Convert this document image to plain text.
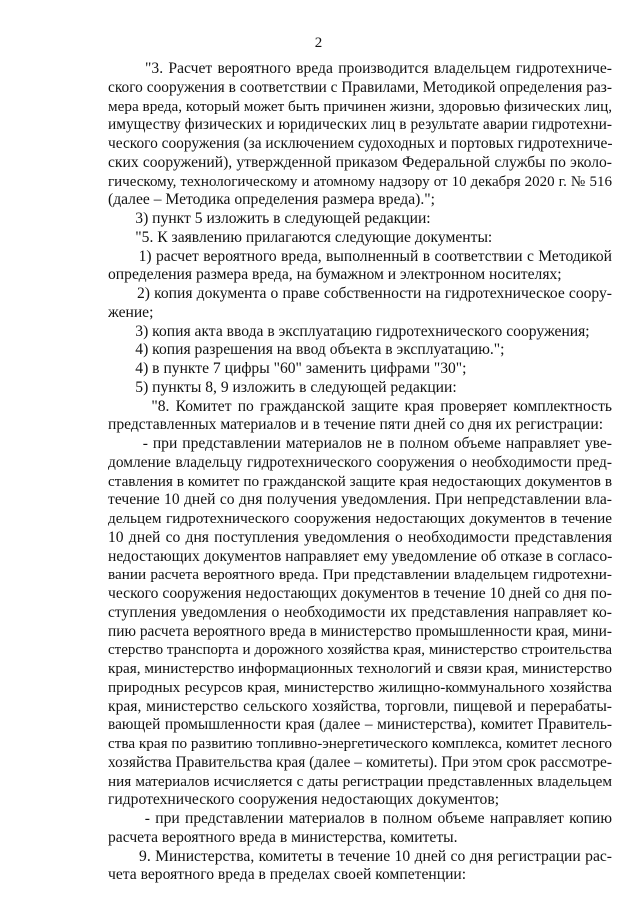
2
"3. Расчет вероятного вреда производится владельцем гидротехниче-
ского сооружения в соответствии с Правилами, Методикой определения раз-
мера вреда, который может быть причинен жизни, здоровью физических лиц,
имуществу физических и юридических лиц в результате аварии гидротехни-
ческого сооружения (за исключением судоходных и портовых гидротехниче-
ских сооружений), утвержденной приказом Федеральной службы по эколо-
гическому, технологическому и атомному надзору от 10 декабря 2020 г. № 516
(далее – Методика определения размера вреда).";
3) пункт 5 изложить в следующей редакции:
"5. К заявлению прилагаются следующие документы:
1) расчет вероятного вреда, выполненный в соответствии с Методикой
определения размера вреда, на бумажном и электронном носителях;
2) копия документа о праве собственности на гидротехническое соору-
жение;
3) копия акта ввода в эксплуатацию гидротехнического сооружения;
4) копия разрешения на ввод объекта в эксплуатацию.";
4) в пункте 7 цифры "60" заменить цифрами "30";
5) пункты 8, 9 изложить в следующей редакции:
"8. Комитет по гражданской защите края проверяет комплектность
представленных материалов и в течение пяти дней со дня их регистрации:
- при представлении материалов не в полном объеме направляет уве-
домление владельцу гидротехнического сооружения о необходимости пред-
ставления в комитет по гражданской защите края недостающих документов в
течение 10 дней со дня получения уведомления. При непредставлении вла-
дельцем гидротехнического сооружения недостающих документов в течение
10 дней со дня поступления уведомления о необходимости представления
недостающих документов направляет ему уведомление об отказе в согласо-
вании расчета вероятного вреда. При представлении владельцем гидротехни-
ческого сооружения недостающих документов в течение 10 дней со дня по-
ступления уведомления о необходимости их представления направляет ко-
пию расчета вероятного вреда в министерство промышленности края, мини-
стерство транспорта и дорожного хозяйства края, министерство строительства
края, министерство информационных технологий и связи края, министерство
природных ресурсов края, министерство жилищно-коммунального хозяйства
края, министерство сельского хозяйства, торговли, пищевой и перерабаты-
вающей промышленности края (далее – министерства), комитет Правитель-
ства края по развитию топливно-энергетического комплекса, комитет лесного
хозяйства Правительства края (далее – комитеты). При этом срок рассмотре-
ния материалов исчисляется с даты регистрации представленных владельцем
гидротехнического сооружения недостающих документов;
- при представлении материалов в полном объеме направляет копию
расчета вероятного вреда в министерства, комитеты.
9. Министерства, комитеты в течение 10 дней со дня регистрации рас-
чета вероятного вреда в пределах своей компетенции:
